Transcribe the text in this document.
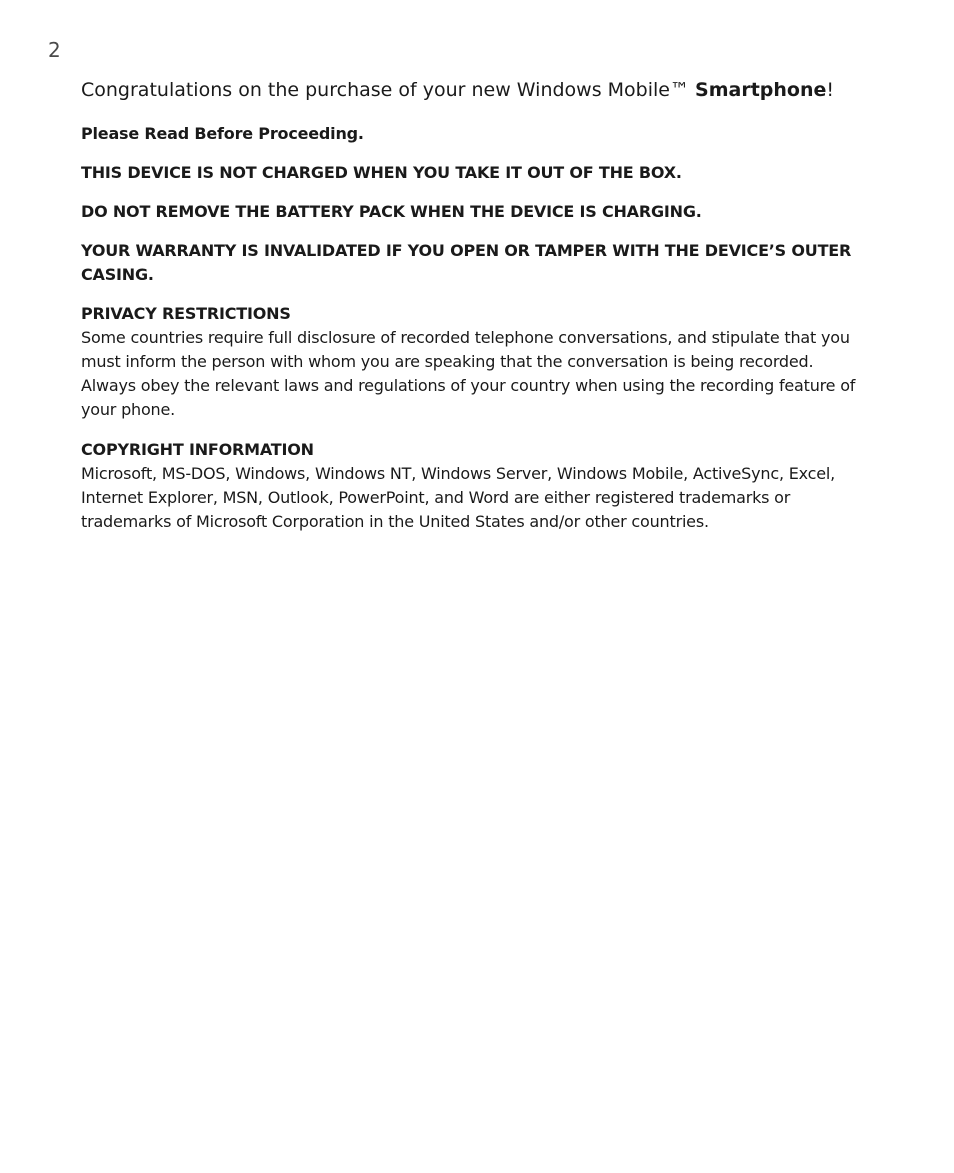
2

Congratulations on the purchase of your new Windows Mobile™ Smartphone!

Please Read Before Proceeding.

THIS DEVICE IS NOT CHARGED WHEN YOU TAKE IT OUT OF THE BOX.

DO NOT REMOVE THE BATTERY PACK WHEN THE DEVICE IS CHARGING.

YOUR WARRANTY IS INVALIDATED IF YOU OPEN OR TAMPER WITH THE DEVICE’S OUTER CASING.

PRIVACY RESTRICTIONS

Some countries require full disclosure of recorded telephone conversations, and stipulate that you must inform the person with whom you are speaking that the conversation is being recorded. Always obey the relevant laws and regulations of your country when using the recording feature of your phone.

COPYRIGHT INFORMATION

Microsoft, MS-DOS, Windows, Windows NT, Windows Server, Windows Mobile, ActiveSync, Excel, Internet Explorer, MSN, Outlook, PowerPoint, and Word are either registered trademarks or trademarks of Microsoft Corporation in the United States and/or other countries.
